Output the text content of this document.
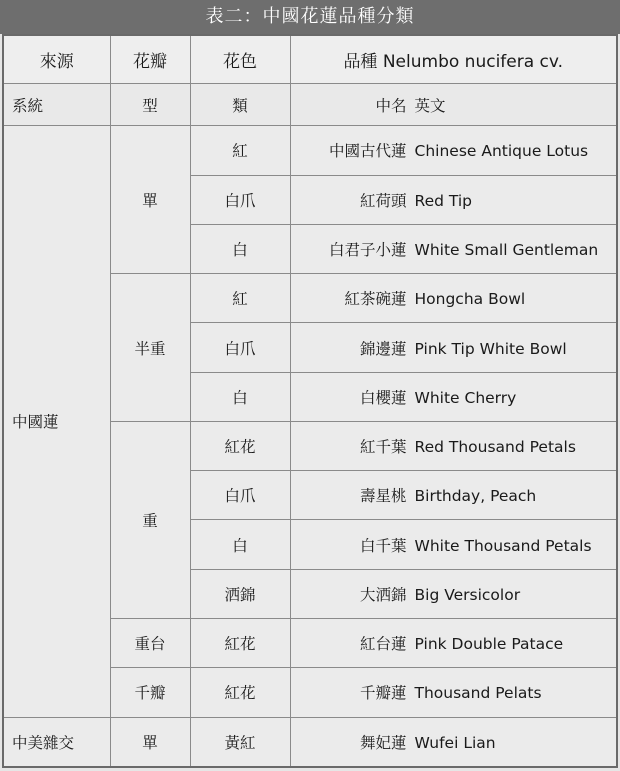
表二：中國花蓮品種分類
來源	花瓣	花色	品種 Nelumbo nucifera cv.
系統	型	類	中名 英文
中國蓮	單	紅	中國古代蓮 Chinese Antique Lotus
		白爪	紅荷頭 Red Tip
		白	白君子小蓮 White Small Gentleman
	半重	紅	紅茶碗蓮 Hongcha Bowl
		白爪	錦邊蓮 Pink Tip White Bowl
		白	白櫻蓮 White Cherry
	重	紅花	紅千葉 Red Thousand Petals
		白爪	壽星桃 Birthday, Peach
		白	白千葉 White Thousand Petals
		洒錦	大洒錦 Big Versicolor
	重台	紅花	紅台蓮 Pink Double Patace
	千瓣	紅花	千瓣蓮 Thousand Pelats
中美雜交	單	黃紅	舞妃蓮 Wufei Lian
